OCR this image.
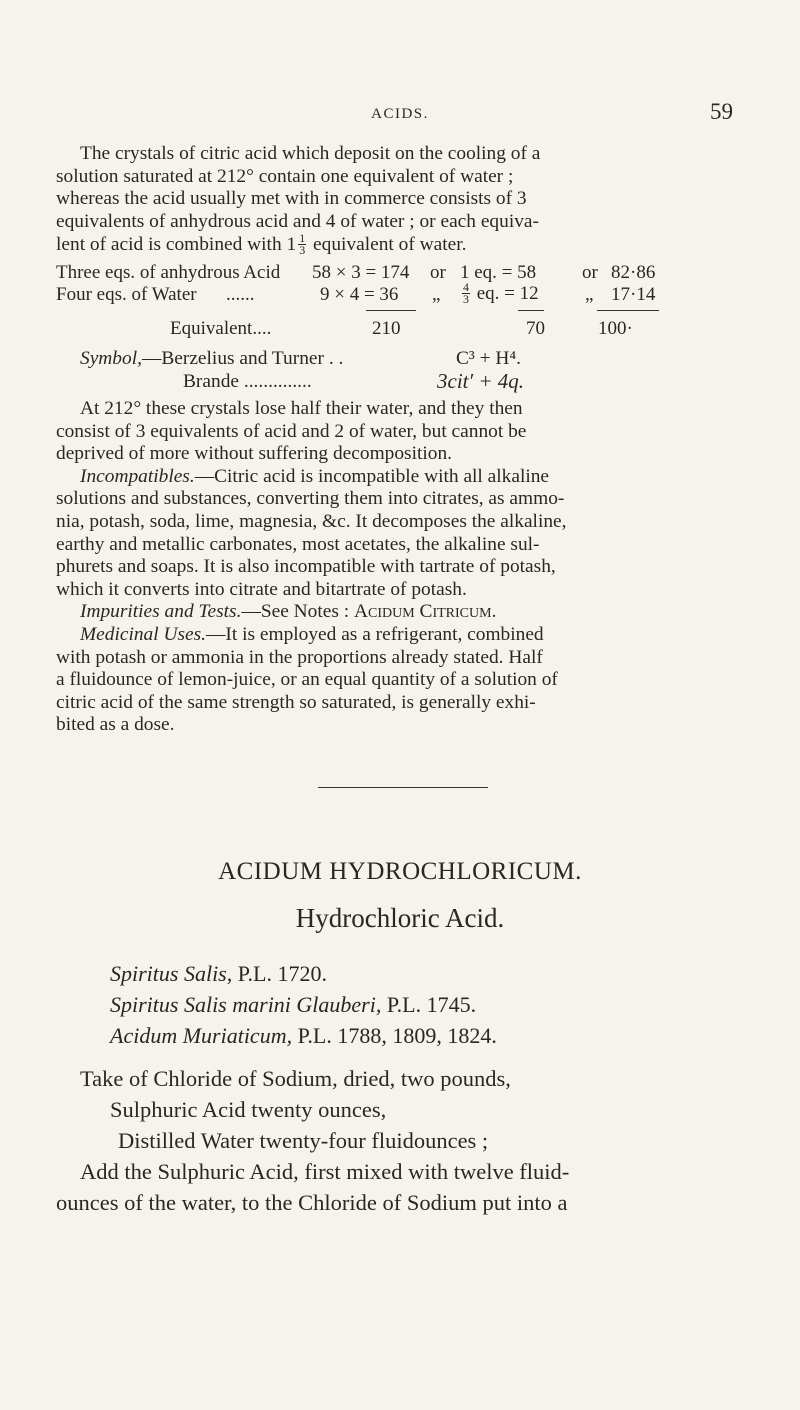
ACIDS.	59
The crystals of citric acid which deposit on the cooling of a
solution saturated at 212° contain one equivalent of water ;
whereas the acid usually met with in commerce consists of 3
equivalents of anhydrous acid and 4 of water ; or each equiva-
lent of acid is combined with $1 \frac{1}{3}$ equivalent of water.
Three eqs. of anhydrous Acid 58 × 3 = 174 or 1 eq. = 58 or 82·86
Four eqs. of Water ......	9 × 4 = 36 „ $\frac{4}{3}$ eq. = 12 „ 17·14
Equivalent....	210	70	100·
Symbol,—Berzelius and Turner . .	C³ + H⁴.
Brande ..............	3cit′ + 4q.
At 212° these crystals lose half their water, and they then
consist of 3 equivalents of acid and 2 of water, but cannot be
deprived of more without suffering decomposition.
Incompatibles.—Citric acid is incompatible with all alkaline
solutions and substances, converting them into citrates, as ammo-
nia, potash, soda, lime, magnesia, &c. It decomposes the alkaline,
earthy and metallic carbonates, most acetates, the alkaline sul-
phurets and soaps. It is also incompatible with tartrate of potash,
which it converts into citrate and bitartrate of potash.
Impurities and Tests.—See Notes : Acidum Citricum.
Medicinal Uses.—It is employed as a refrigerant, combined
with potash or ammonia in the proportions already stated. Half
a fluidounce of lemon-juice, or an equal quantity of a solution of
citric acid of the same strength so saturated, is generally exhi-
bited as a dose.
ACIDUM HYDROCHLORICUM.
Hydrochloric Acid.
Spiritus Salis, P.L. 1720.
Spiritus Salis marini Glauberi, P.L. 1745.
Acidum Muriaticum, P.L. 1788, 1809, 1824.
Take of Chloride of Sodium, dried, two pounds,
Sulphuric Acid twenty ounces,
Distilled Water twenty-four fluidounces ;
Add the Sulphuric Acid, first mixed with twelve fluid-
ounces of the water, to the Chloride of Sodium put into a
